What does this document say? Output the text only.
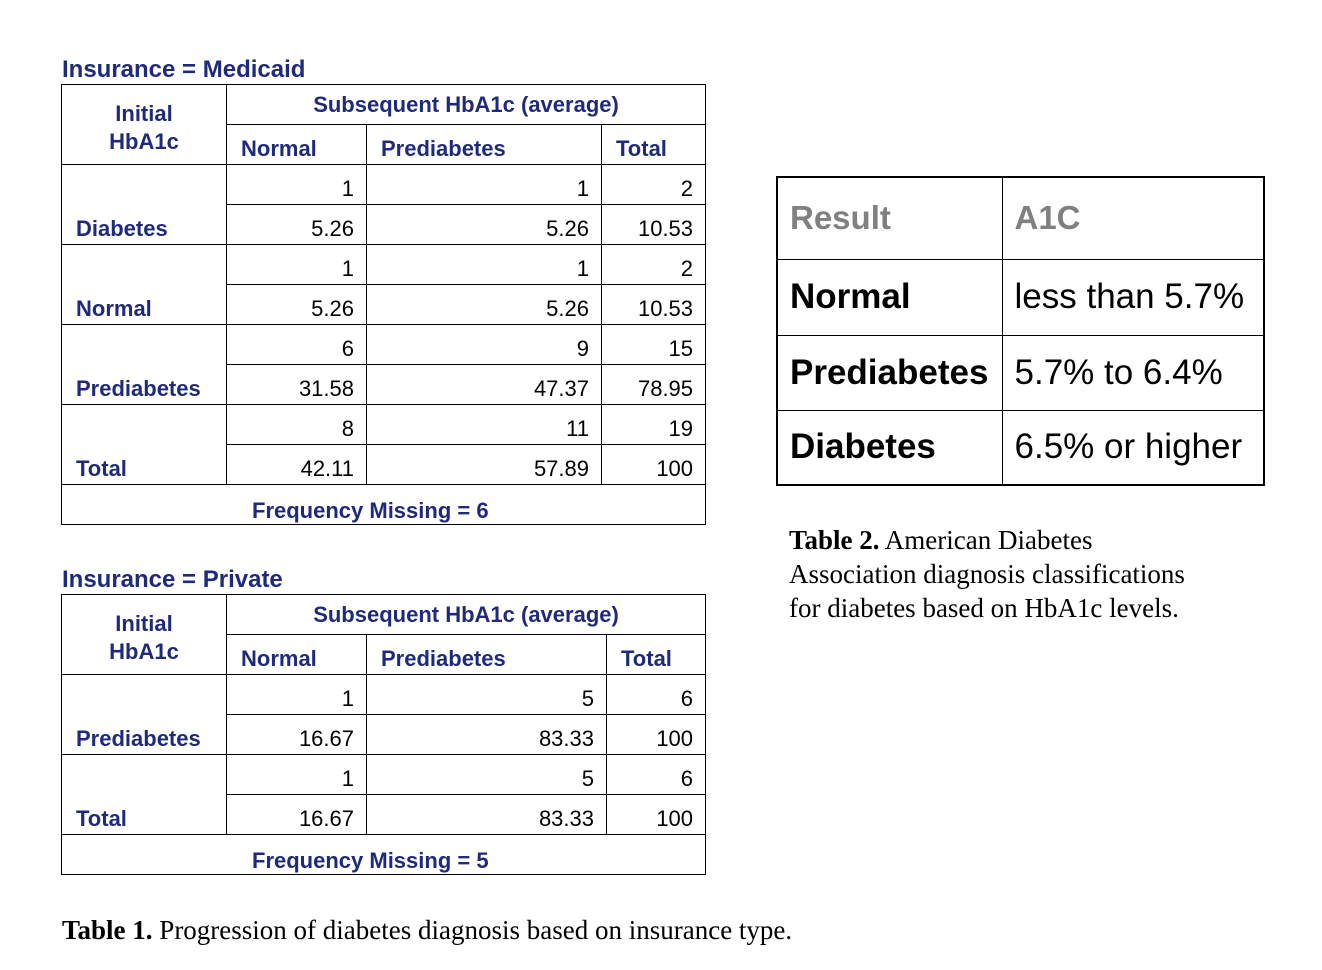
Insurance = Medicaid
Initial HbA1c	Subsequent HbA1c (average)		
	Normal	Prediabetes	Total
Diabetes	1	1	2
	5.26	5.26	10.53
Normal	1	1	2
	5.26	5.26	10.53
Prediabetes	6	9	15
	31.58	47.37	78.95
Total	8	11	19
	42.11	57.89	100
Frequency Missing = 6			
Insurance = Private
Initial HbA1c	Subsequent HbA1c (average)		
	Normal	Prediabetes	Total
Prediabetes	1	5	6
	16.67	83.33	100
Total	1	5	6
	16.67	83.33	100
Frequency Missing = 5			
Result	A1C
Normal	less than 5.7%
Prediabetes	5.7% to 6.4%
Diabetes	6.5% or higher
Table 2. American Diabetes
Association diagnosis classifications
for diabetes based on HbA1c levels.
Table 1. Progression of diabetes diagnosis based on insurance type.
